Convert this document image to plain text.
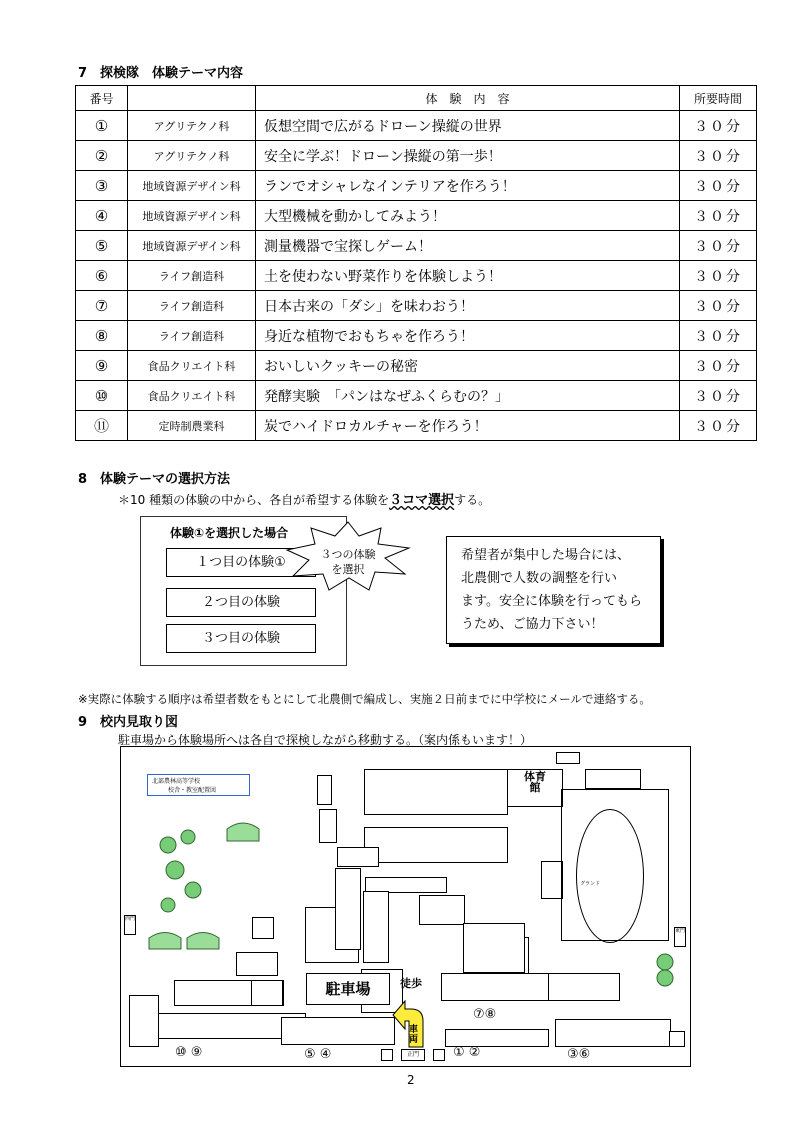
7　探検隊　体験テーマ内容
番号		体　験　内　容	所要時間
①	アグリテクノ科	仮想空間で広がるドローン操縦の世界	３０分
②	アグリテクノ科	安全に学ぶ！ドローン操縦の第一歩！	３０分
③	地域資源デザイン科	ランでオシャレなインテリアを作ろう！	３０分
④	地域資源デザイン科	大型機械を動かしてみよう！	３０分
⑤	地域資源デザイン科	測量機器で宝探しゲーム！	３０分
⑥	ライフ創造科	土を使わない野菜作りを体験しよう！	３０分
⑦	ライフ創造科	日本古来の「ダシ」を味わおう！	３０分
⑧	ライフ創造科	身近な植物でおもちゃを作ろう！	３０分
⑨	食品クリエイト科	おいしいクッキーの秘密	３０分
⑩	食品クリエイト科	発酵実験　「パンはなぜふくらむの？」	３０分
⑪	定時制農業科	炭でハイドロカルチャーを作ろう！	３０分
8　体験テーマの選択方法
＊10 種類の体験の中から、各自が希望する体験を３コマ選択する。
体験①を選択した場合
１つ目の体験①
２つ目の体験
３つ目の体験
３つの体験
を選択
希望者が集中した場合には、
北農側で人数の調整を行い
ます。安全に体験を行ってもら
うため、ご協力下さい！
※実際に体験する順序は希望者数をもとにして北農側で編成し、実施２日前までに中学校にメールで連絡する。
9　校内見取り図
駐車場から体験場所へは各自で探検しながら移動する。（案内係もいます！）
北部農林高等学校
校舎・教室配置図
体育館
グランド
駐車場	徒歩
車
両
西門
東門
正門
⑦⑧
⑩ ⑨	⑤ ④	① ②	③⑥
2
